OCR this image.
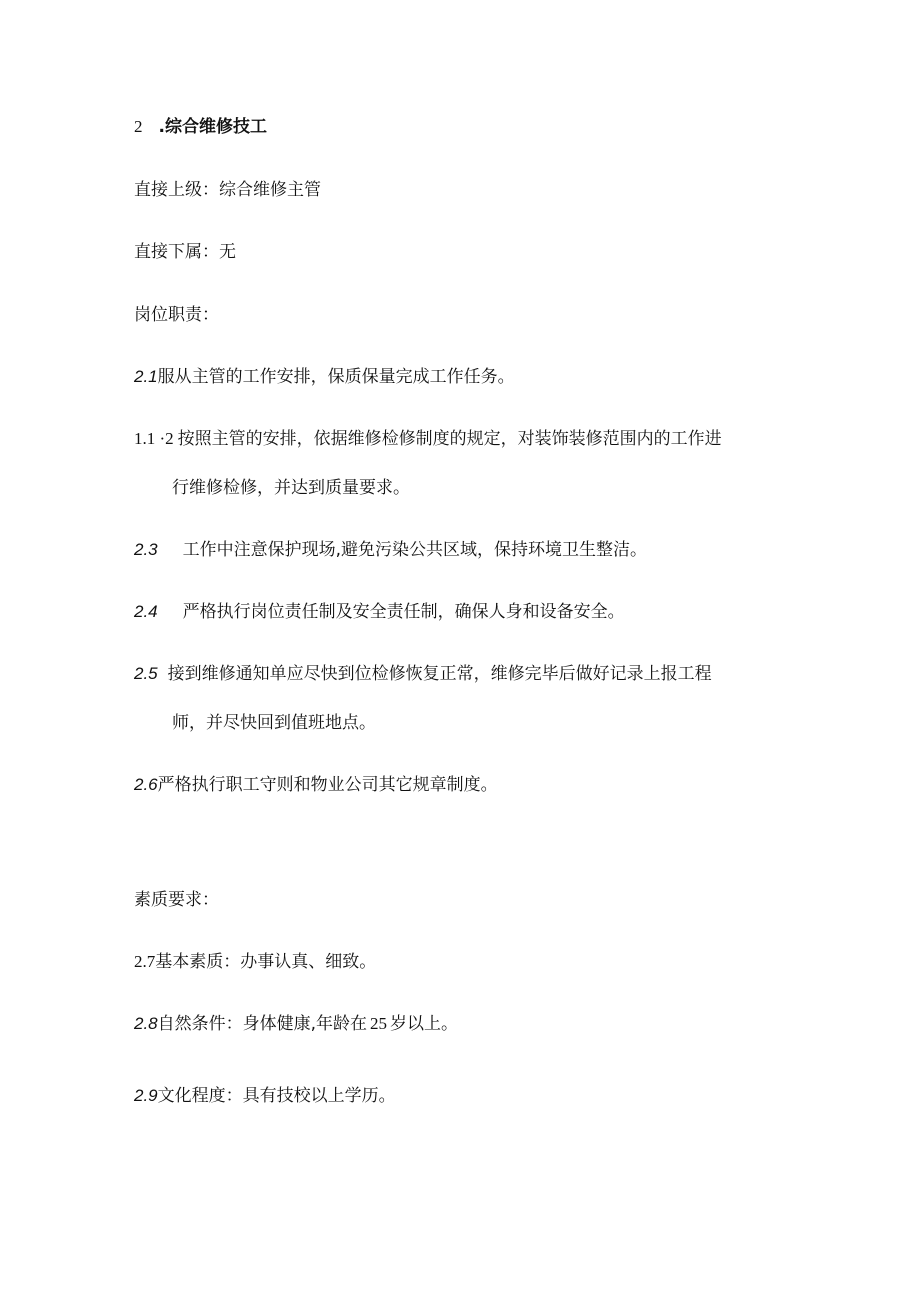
2 .综合维修技工
直接上级：综合维修主管
直接下属：无
岗位职责：
2.1服从主管的工作安排，保质保量完成工作任务。
1.1 ·2 按照主管的安排，依据维修检修制度的规定，对装饰装修范围内的工作进
行维修检修，并达到质量要求。
2.3 工作中注意保护现场,避免污染公共区域，保持环境卫生整洁。
2.4 严格执行岗位责任制及安全责任制，确保人身和设备安全。
2.5 接到维修通知单应尽快到位检修恢复正常，维修完毕后做好记录上报工程
师，并尽快回到值班地点。
2.6严格执行职工守则和物业公司其它规章制度。
素质要求：
2.7基本素质：办事认真、细致。
2.8自然条件：身体健康,年龄在 25 岁以上。
2.9文化程度：具有技校以上学历。
